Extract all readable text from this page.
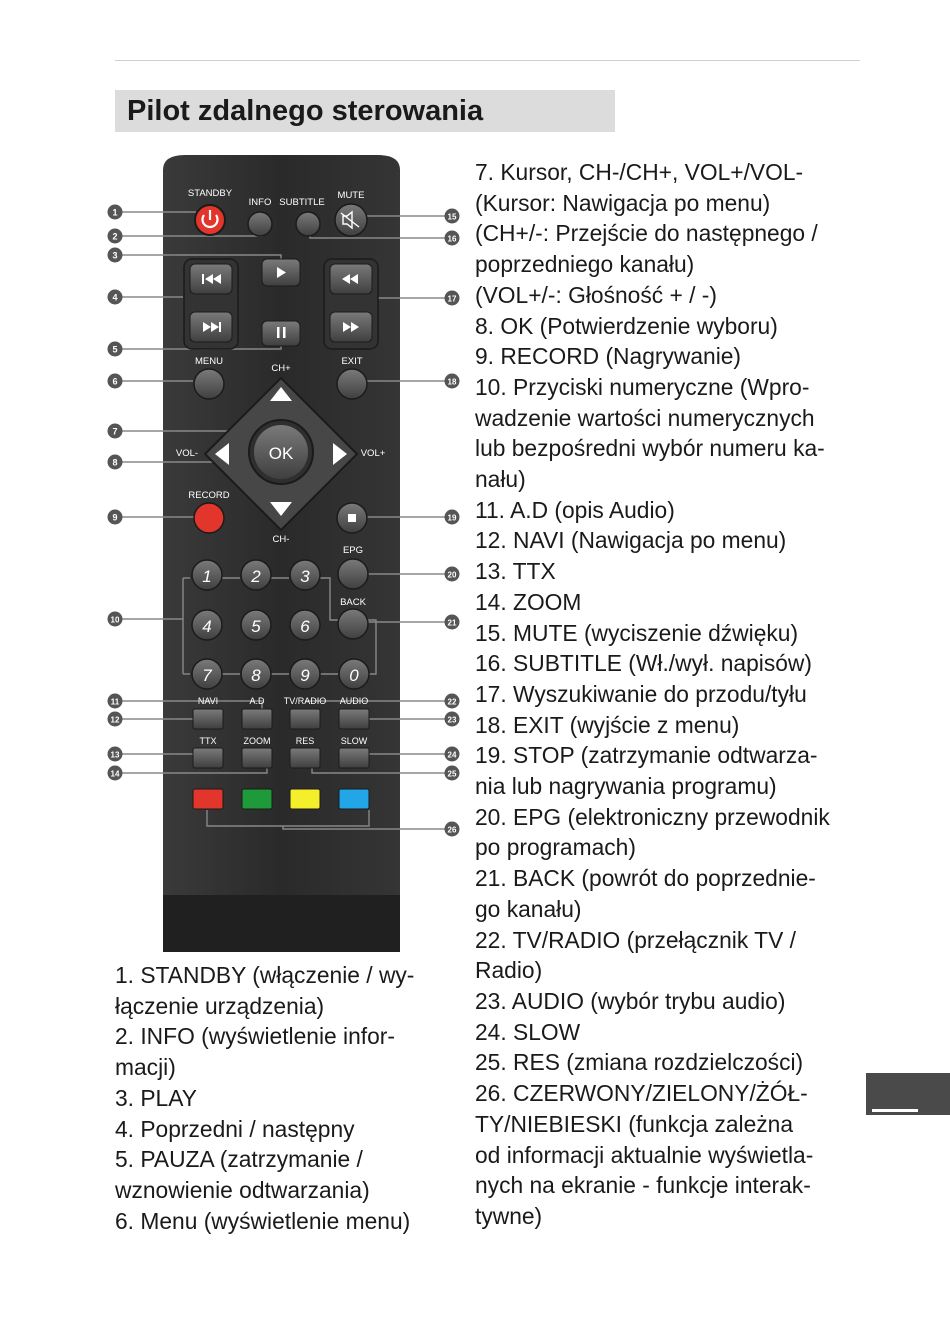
Pilot zdalnego sterowania
STANDBY
INFO SUBTITLE
MUTE
MENU	EXIT
CH+
OK
VOL-	VOL+
CH-
RECORD
EPG
BACK
1 2 3
4 5 6
7 8 9 0
NAVI	A.D TV/RADIO AUDIO
TTX	ZOOM	RES	SLOW
1
2
3
4
5
6
7
8
9
10
11
12
13
14
15
16
17
18
19
20
21
22
23
24
25
26

1. STANDBY (włączenie / wy-

łączenie urządzenia)

2. INFO (wyświetlenie infor-

macji)

3. PLAY

4. Poprzedni / następny

5. PAUZA (zatrzymanie /

wznowienie odtwarzania)

6. Menu (wyświetlenie menu)

7. Kursor, CH-/CH+, VOL+/VOL-

(Kursor: Nawigacja po menu)

(CH+/-: Przejście do następnego /

poprzedniego kanału)

(VOL+/-: Głośność + / -)

8. OK (Potwierdzenie wyboru)

9. RECORD (Nagrywanie)

10. Przyciski numeryczne (Wpro-

wadzenie wartości numerycznych

lub bezpośredni wybór numeru ka-

nału)

11. A.D (opis Audio)

12. NAVI (Nawigacja po menu)

13. TTX

14. ZOOM

15. MUTE (wyciszenie dźwięku)

16. SUBTITLE (Wł./wył. napisów)

17. Wyszukiwanie do przodu/tyłu

18. EXIT (wyjście z menu)

19. STOP (zatrzymanie odtwarza-

nia lub nagrywania programu)

20. EPG (elektroniczny przewodnik

po programach)

21. BACK (powrót do poprzednie-

go kanału)

22. TV/RADIO (przełącznik TV /

Radio)

23. AUDIO (wybór trybu audio)

24. SLOW

25. RES (zmiana rozdzielczości)

26. CZERWONY/ZIELONY/ŻÓŁ-

TY/NIEBIESKI (funkcja zależna

od informacji aktualnie wyświetla-

nych na ekranie - funkcje interak-

tywne)
